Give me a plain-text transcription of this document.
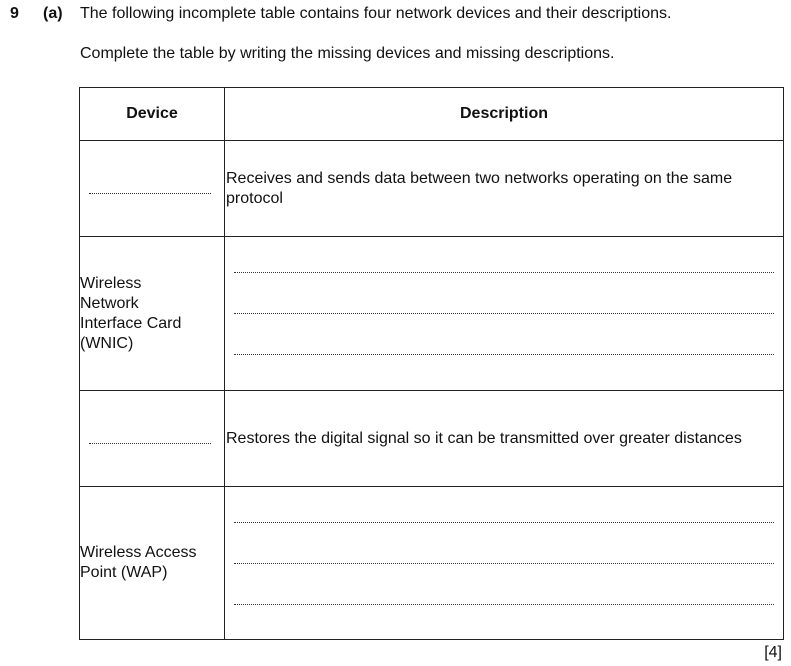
9 (a) The following incomplete table contains four network devices and their descriptions.
Complete the table by writing the missing devices and missing descriptions.
Device	Description

	Receives and sends data between two networks operating on the same protocol

Wireless Network Interface Card (WNIC)	

	Restores the digital signal so it can be transmitted over greater distances

Wireless Access Point (WAP)	

[4]
